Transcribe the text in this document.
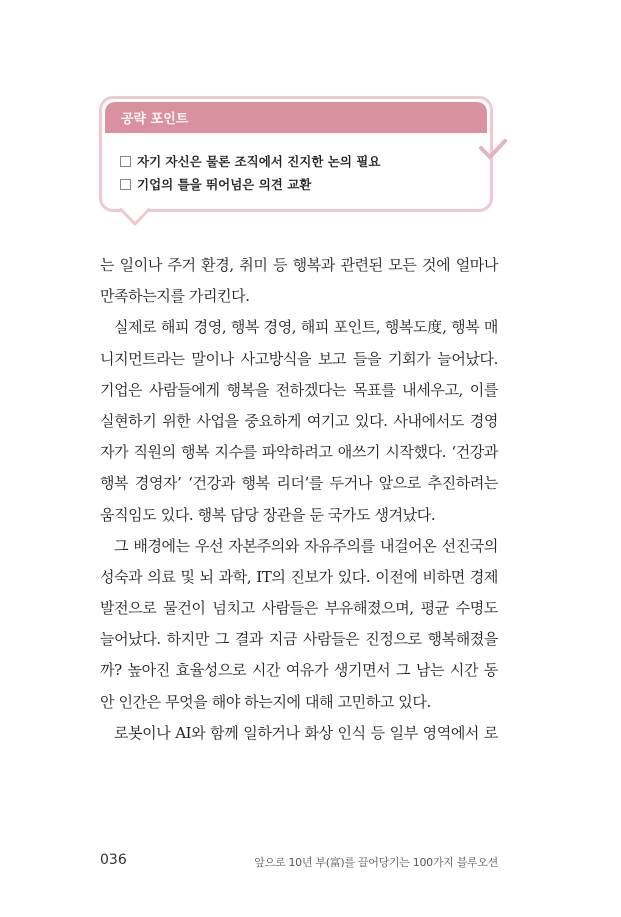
공략 포인트
자기 자신은 물론 조직에서 진지한 논의 필요
기업의 틀을 뛰어넘은 의견 교환
는 일이나 주거 환경, 취미 등 행복과 관련된 모든 것에 얼마나
만족하는지를 가리킨다.
실제로 해피 경영, 행복 경영, 해피 포인트, 행복도度, 행복 매
니지먼트라는 말이나 사고방식을 보고 들을 기회가 늘어났다.
기업은 사람들에게 행복을 전하겠다는 목표를 내세우고, 이를
실현하기 위한 사업을 중요하게 여기고 있다. 사내에서도 경영
자가 직원의 행복 지수를 파악하려고 애쓰기 시작했다. ‘건강과
행복 경영자’ ‘건강과 행복 리더’를 두거나 앞으로 추진하려는
움직임도 있다. 행복 담당 장관을 둔 국가도 생겨났다.
그 배경에는 우선 자본주의와 자유주의를 내걸어온 선진국의
성숙과 의료 및 뇌 과학, IT의 진보가 있다. 이전에 비하면 경제
발전으로 물건이 넘치고 사람들은 부유해졌으며, 평균 수명도
늘어났다. 하지만 그 결과 지금 사람들은 진정으로 행복해졌을
까? 높아진 효율성으로 시간 여유가 생기면서 그 남는 시간 동
안 인간은 무엇을 해야 하는지에 대해 고민하고 있다.
로봇이나 AI와 함께 일하거나 화상 인식 등 일부 영역에서 로
036	앞으로 10년 부(富)를 끌어당기는 100가지 블루오션
